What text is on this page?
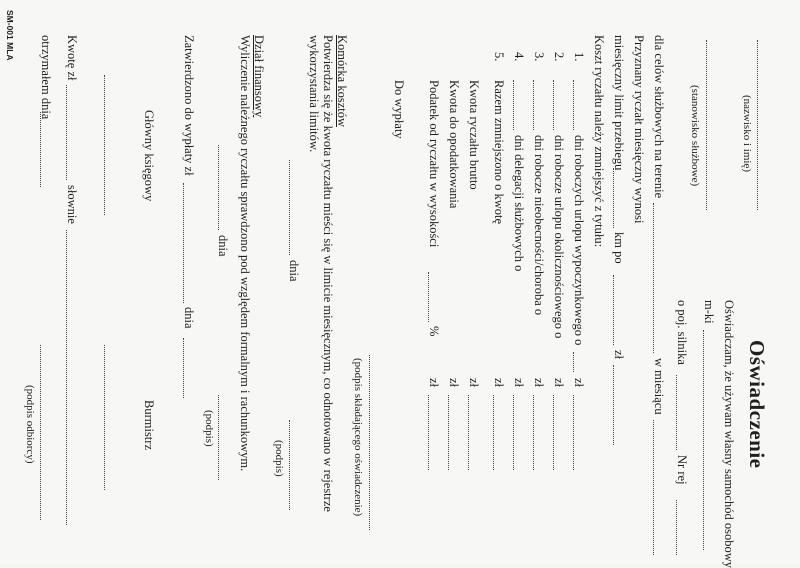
(nazwisko i imię)
(stanowisko służbowe)
Oświadczenie
Oświadczam, że używam własny samochód osobowy
m-ki
o poj. silnika
Nr rej
dla celów służbowych na terenie
w miesiącu
Przyznany ryczałt miesięczny wynosi
miesięczny limit przebiegu
km po
zł
Koszt ryczałtu należy zmniejszyć z tytułu:
1.
dni roboczych urlopu wypoczynkowego o
zł
2.
dni robocze urlopu okolicznościowego o
zł
3.
dni robocze nieobecności/choroba o
zł
4.
dni delegacji służbowych o
zł
5.
Razem zmniejszono o kwotę
zł
Kwota ryczałtu brutto
zł
Kwota do opodatkowania
zł
Podatek od ryczałtu w wysokości
%
zł
Do wypłaty
(podpis składającego oświadczenie)
Komórka kosztów
Potwierdza się że kwota ryczałtu mieści się w limicie miesięcznym, co odnotowano w rejestrze
wykorzystania limitów.
dnia
(podpis)
Dział finansowy
Wyliczenie należnego ryczałtu sprawdzono pod względem formalnym i rachunkowym.
dnia
(podpis)
Zatwierdzono do wypłaty zł
dnia
Główny księgowy
Burmistrz
Kwotę zł
słownie
otrzymałem dnia
(podpis odbiorcy)
SM-001 MLA
